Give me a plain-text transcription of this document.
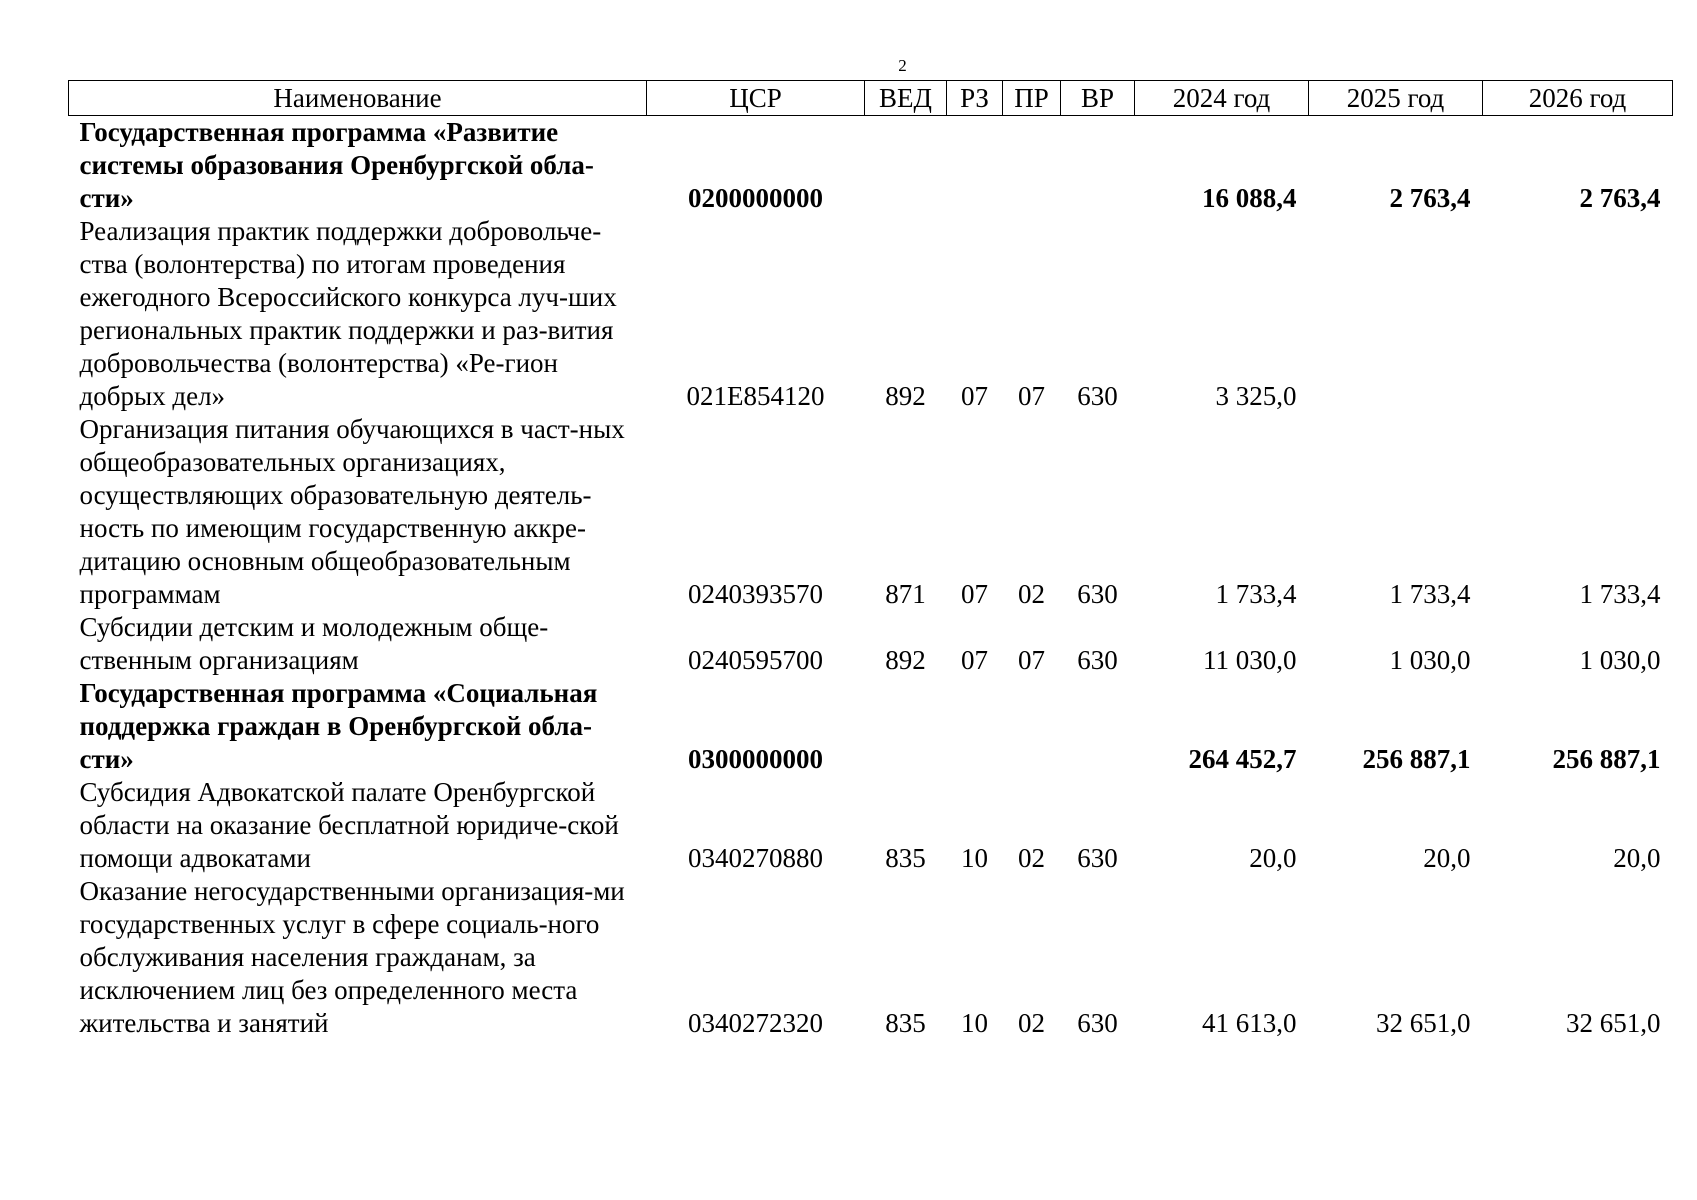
2
Наименование	ЦСР	ВЕД	РЗ	ПР	ВР	2024 год	2025 год	2026 год
Государственная программа «Развитие системы образования Оренбургской обла-сти»	0200000000					16 088,4	2 763,4	2 763,4
Реализация практик поддержки добровольче-ства (волонтерства) по итогам проведения ежегодного Всероссийского конкурса луч-ших региональных практик поддержки и раз-вития добровольчества (волонтерства) «Ре-гион добрых дел»	021E854120	892	07	07	630	3 325,0		
Организация питания обучающихся в част-ных общеобразовательных организациях, осуществляющих образовательную деятель-ность по имеющим государственную аккре-дитацию основным общеобразовательным программам	0240393570	871	07	02	630	1 733,4	1 733,4	1 733,4
Субсидии детским и молодежным обще-ственным организациям	0240595700	892	07	07	630	11 030,0	1 030,0	1 030,0
Государственная программа «Социальная поддержка граждан в Оренбургской обла-сти»	0300000000					264 452,7	256 887,1	256 887,1
Субсидия Адвокатской палате Оренбургской области на оказание бесплатной юридиче-ской помощи адвокатами	0340270880	835	10	02	630	20,0	20,0	20,0
Оказание негосударственными организация-ми государственных услуг в сфере социаль-ного обслуживания населения гражданам, за исключением лиц без определенного места жительства и занятий	0340272320	835	10	02	630	41 613,0	32 651,0	32 651,0
